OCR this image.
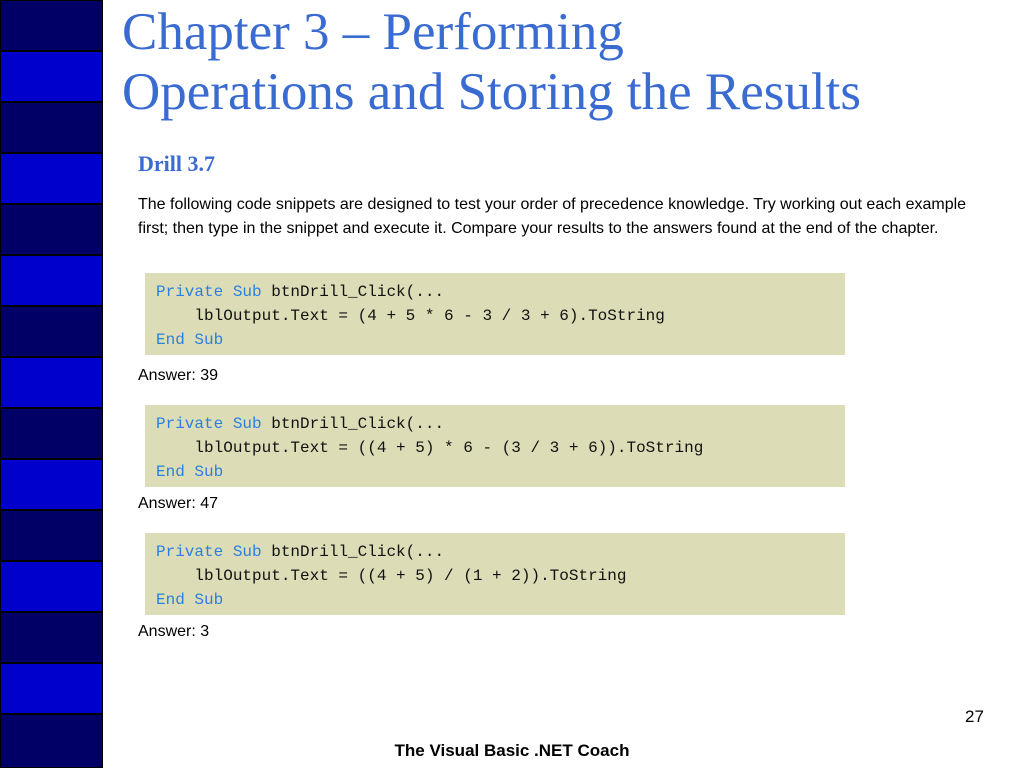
Chapter 3 – Performing
Operations and Storing the Results
Drill 3.7

The following code snippets are designed to test your order of precedence knowledge. Try working out each example first; then type in the snippet and execute it. Compare your results to the answers found at the end of the chapter.

Private Sub btnDrill_Click(...
lblOutput.Text = (4 + 5 * 6 - 3 / 3 + 6).ToString
End Sub

Answer: 39

Private Sub btnDrill_Click(...
lblOutput.Text = ((4 + 5) * 6 - (3 / 3 + 6)).ToString
End Sub

Answer: 47

Private Sub btnDrill_Click(...
lblOutput.Text = ((4 + 5) / (1 + 2)).ToString
End Sub

Answer: 3

27
The Visual Basic .NET Coach
